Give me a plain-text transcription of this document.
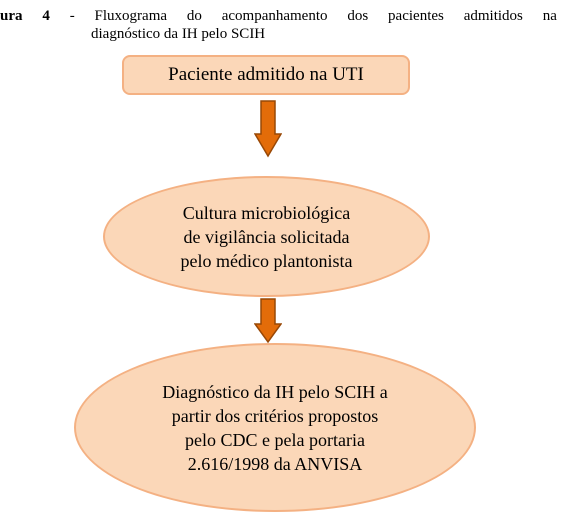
ura 4 - Fluxograma do acompanhamento dos pacientes admitidos na
diagnóstico da IH pelo SCIH
Paciente admitido na UTI
Cultura microbiológica
de vigilância solicitada
pelo médico plantonista
Diagnóstico da IH pelo SCIH a
partir dos critérios propostos
pelo CDC e pela portaria
2.616/1998 da ANVISA
